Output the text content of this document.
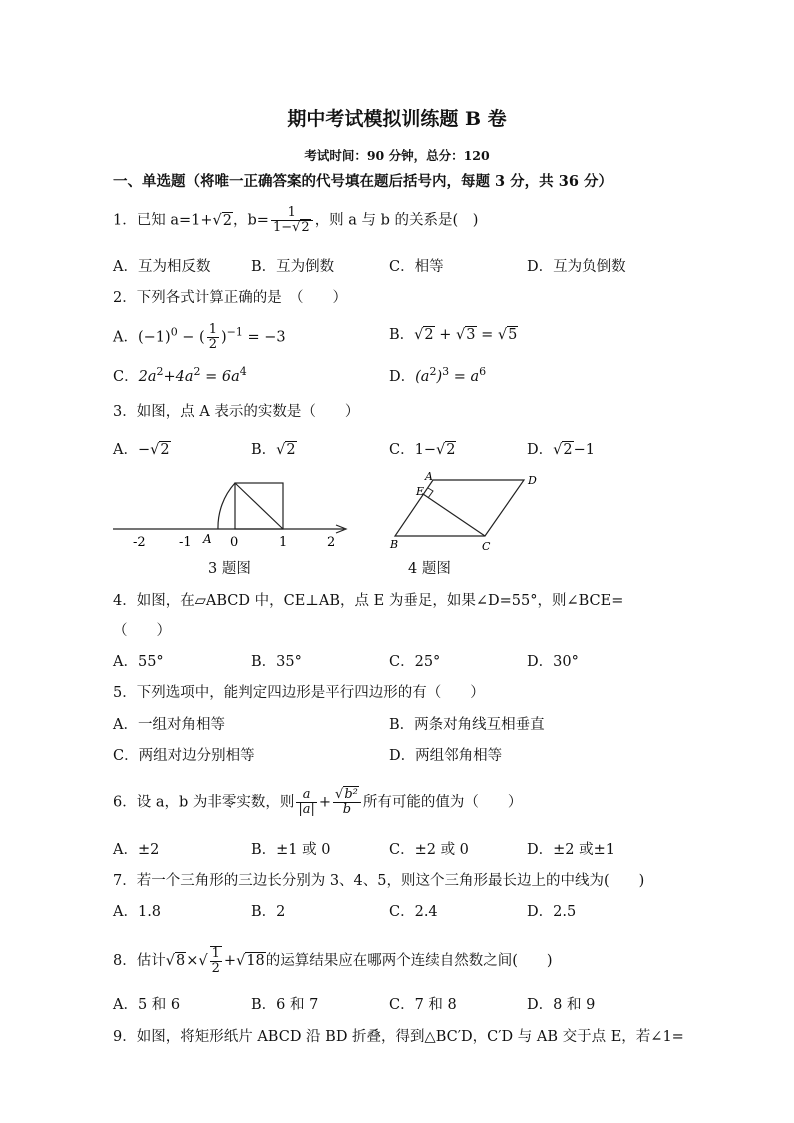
期中考试模拟训练题 B 卷
考试时间：90 分钟，总分：120
一、单选题（将唯一正确答案的代号填在题后括号内，每题 3 分，共 36 分）
1．已知 a=1+√2，$b= \frac{1}{1-√2}$ ，则 a 与 b 的关系是(　)
A．互为相反数	B．互为倒数	C．相等	D．互为负倒数
2．下列各式计算正确的是　（　　）
A．$(-1)^0$ − ( $\frac{1}{2} )^{-1} = -3$	B．√2 + √3 = √5
C．$2a^2+4a^2 = 6a^4$	D．$(a^2)^3 = a^6$
3．如图，点 A 表示的实数是（　　）
A．−√2	B．√2	C．1−√2	D．√2−1
-2	-1 A 0	1	2
3 题图
A	D
E
B	C
4 题图
4．如图，在▱ABCD 中，CE⊥AB，点 E 为垂足，如果∠D=55°，则∠BCE=
（　　）
A．55°	B．35°	C．25°	D．30°
5．下列选项中，能判定四边形是平行四边形的有（　　）
A．一组对角相等	B．两条对角线互相垂直
C．两组对边分别相等	D．两组邻角相等
6．设 a，b 为非零实数，则 $\frac{a}{|a|} + \frac{\text{√b²}}{b}$ 所有可能的值为（　　）
A．±2	B．±1 或 0	C．±2 或 0	D．±2 或±1
7．若一个三角形的三边长分别为 3、4、5，则这个三角形最长边上的中线为(　　)
A．1.8	B．2	C．2.4	D．2.5
8．估计$√8\times√ \frac{1}{2} +√18$的运算结果应在哪两个连续自然数之间(　　)
A．5 和 6	B．6 和 7	C．7 和 8	D．8 和 9
9．如图，将矩形纸片 ABCD 沿 BD 折叠，得到△BC′D，C′D 与 AB 交于点 E，若∠1=
